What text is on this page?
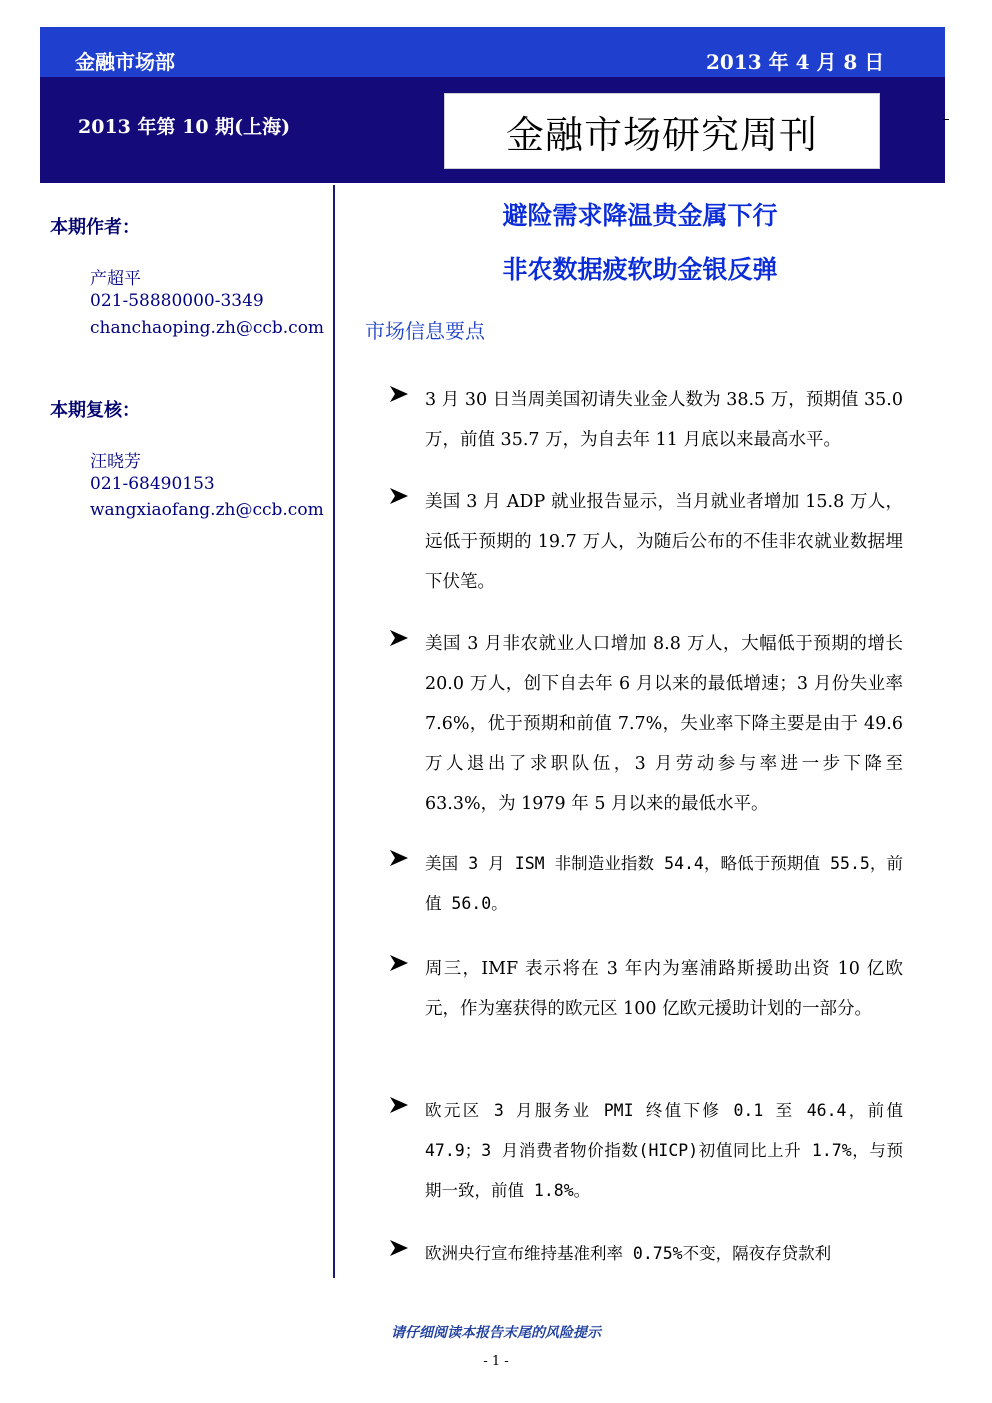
金融市场部	2013 年 4 月 8 日
2013 年第 10 期(上海)	金融市场研究周刊
本期作者：
产超平
021-58880000-3349
chanchaoping.zh@ccb.com
本期复核：
汪晓芳
021-68490153
wangxiaofang.zh@ccb.com
避险需求降温贵金属下行
非农数据疲软助金银反弹
市场信息要点
3 月 30 日当周美国初请失业金人数为 38.5 万，预期值 35.0 万，前值 35.7 万，为自去年 11 月底以来最高水平。
美国 3 月 ADP 就业报告显示，当月就业者增加 15.8 万人，远低于预期的 19.7 万人，为随后公布的不佳非农就业数据埋下伏笔。
美国 3 月非农就业人口增加 8.8 万人，大幅低于预期的增长 20.0 万人，创下自去年 6 月以来的最低增速；3 月份失业率 7.6%，优于预期和前值 7.7%，失业率下降主要是由于 49.6 万人退出了求职队伍，3 月劳动参与率进一步下降至 63.3%，为 1979 年 5 月以来的最低水平。
美国 3 月 ISM 非制造业指数 54.4，略低于预期值 55.5，前值 56.0。
周三，IMF 表示将在 3 年内为塞浦路斯援助出资 10 亿欧元，作为塞获得的欧元区 100 亿欧元援助计划的一部分。
欧元区 3 月服务业 PMI 终值下修 0.1 至 46.4，前值 47.9；3 月消费者物价指数(HICP)初值同比上升 1.7%，与预期一致，前值 1.8%。
欧洲央行宣布维持基准利率 0.75%不变，隔夜存贷款利
请仔细阅读本报告末尾的风险提示
- 1 -
